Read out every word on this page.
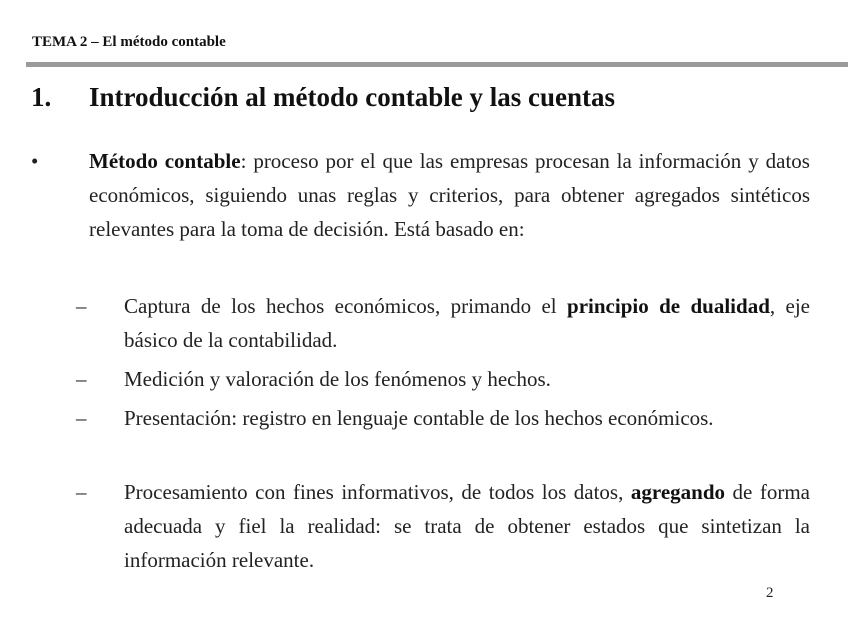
TEMA 2 – El método contable
1. Introducción al método contable y las cuentas
•	Método contable: proceso por el que las empresas procesan la información y datos económicos, siguiendo unas reglas y criterios, para obtener agregados sintéticos relevantes para la toma de decisión. Está basado en:
–	Captura de los hechos económicos, primando el principio de dualidad, eje básico de la contabilidad.
–	Medición y valoración de los fenómenos y hechos.
–	Presentación: registro en lenguaje contable de los hechos económicos.
–	Procesamiento con fines informativos, de todos los datos, agregando de forma adecuada y fiel la realidad: se trata de obtener estados que sintetizan la información relevante.
2
